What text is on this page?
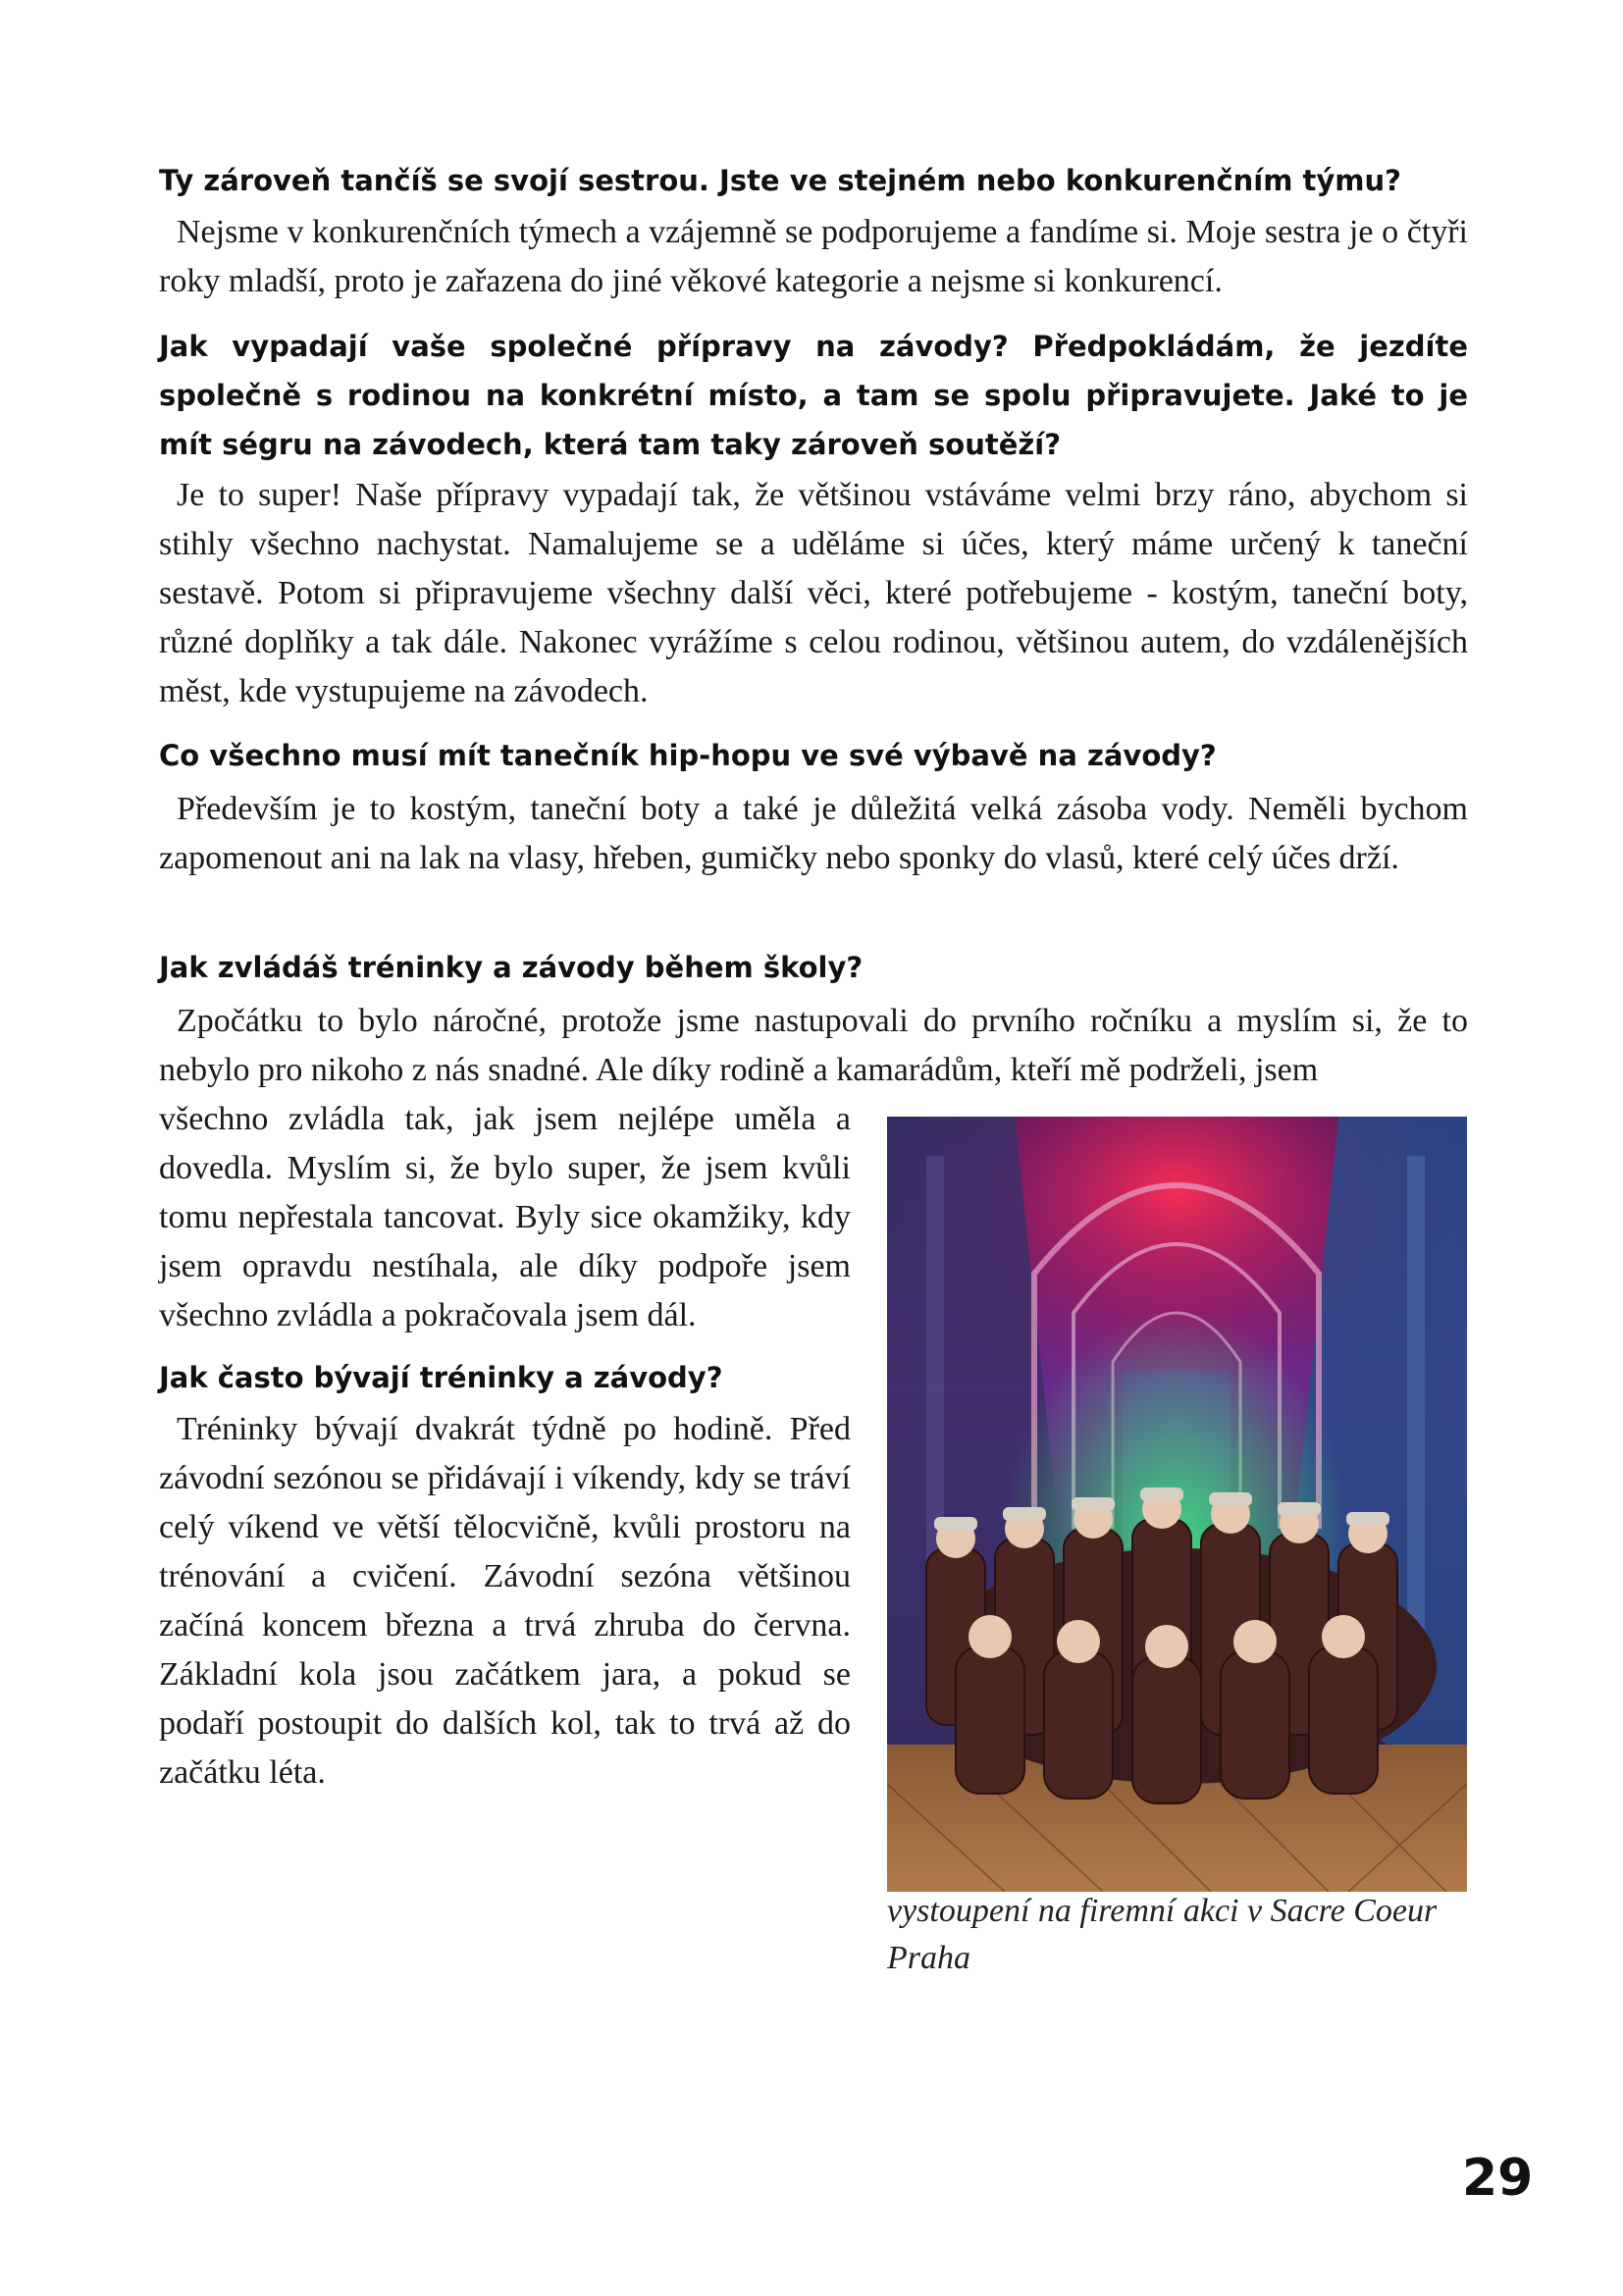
Ty zároveň tančíš se svojí sestrou. Jste ve stejném nebo konkurenčním týmu?

Nejsme v konkurenčních týmech a vzájemně se podporujeme a fandíme si. Moje sestra je o čtyři roky mladší, proto je zařazena do jiné věkové kategorie a nejsme si konkurencí.

Jak vypadají vaše společné přípravy na závody? Předpokládám, že jezdíte společně s rodinou na konkrétní místo, a tam se spolu připravujete. Jaké to je mít ségru na závodech, která tam taky zároveň soutěží?

Je to super! Naše přípravy vypadají tak, že většinou vstáváme velmi brzy ráno, abychom si stihly všechno nachystat. Namalujeme se a uděláme si účes, který máme určený k taneční sestavě. Potom si připravujeme všechny další věci, které potřebujeme - kostým, taneční boty, různé doplňky a tak dále. Nakonec vyrážíme s celou rodinou, většinou autem, do vzdálenějších měst, kde vystupujeme na závodech.

Co všechno musí mít tanečník hip-hopu ve své výbavě na závody?

Především je to kostým, taneční boty a také je důležitá velká zásoba vody. Neměli bychom zapomenout ani na lak na vlasy, hřeben, gumičky nebo sponky do vlasů, které celý účes drží.

Jak zvládáš tréninky a závody během školy?

Zpočátku to bylo náročné, protože jsme nastupovali do prvního ročníku a myslím si, že to nebylo pro nikoho z nás snadné. Ale díky rodině a kamarádům, kteří mě podrželi, jsem

všechno zvládla tak, jak jsem nejlépe uměla a dovedla. Myslím si, že bylo super, že jsem kvůli tomu nepřestala tancovat. Byly sice okamžiky, kdy jsem opravdu nestíhala, ale díky podpoře jsem všechno zvládla a pokračovala jsem dál.

Jak často bývají tréninky a závody?

Tréninky bývají dvakrát týdně po hodině. Před závodní sezónou se přidávají i víkendy, kdy se tráví celý víkend ve větší tělocvičně, kvůli prostoru na trénování a cvičení. Závodní sezóna většinou začíná koncem března a trvá zhruba do června. Základní kola jsou začátkem jara, a pokud se podaří postoupit do dalších kol, tak to trvá až do začátku léta.

vystoupení na firemní akci v Sacre Coeur Praha

29
